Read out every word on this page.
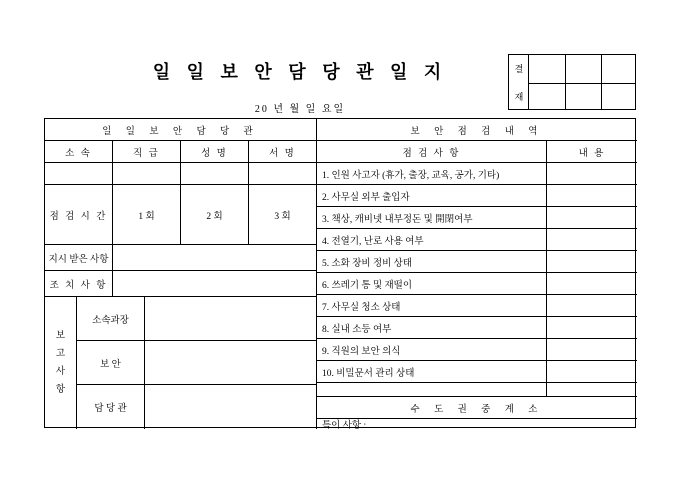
일 일 보 안 담 당 관 일 지	결
재
20 년 월 일 요일
일 일 보 안 담 당 관
소 속	직 급	성 명	서 명
점 검 시 간	1 회	2 회	3 회
지시 받은 사항
조 치 사 항
보
고
사
항
소속과장
보 안
담 당 관
보 안 점 검 내 역
점 검 사 항	내 용
1. 인원 사고자 (휴가, 출장, 교육, 공가, 기타)
2. 사무실 외부 출입자
3. 책상, 캐비넷 내부정돈 및 開閉여부
4. 전열기, 난로 사용 여부
5. 소화 장비 정비 상태
6. 쓰레기 통 및 재떨이
7. 사무실 청소 상태
8. 실내 소등 여부
9. 직원의 보안 의식
10. 비밀문서 관리 상태
수 도 권 중 계 소
특이 사항 :
